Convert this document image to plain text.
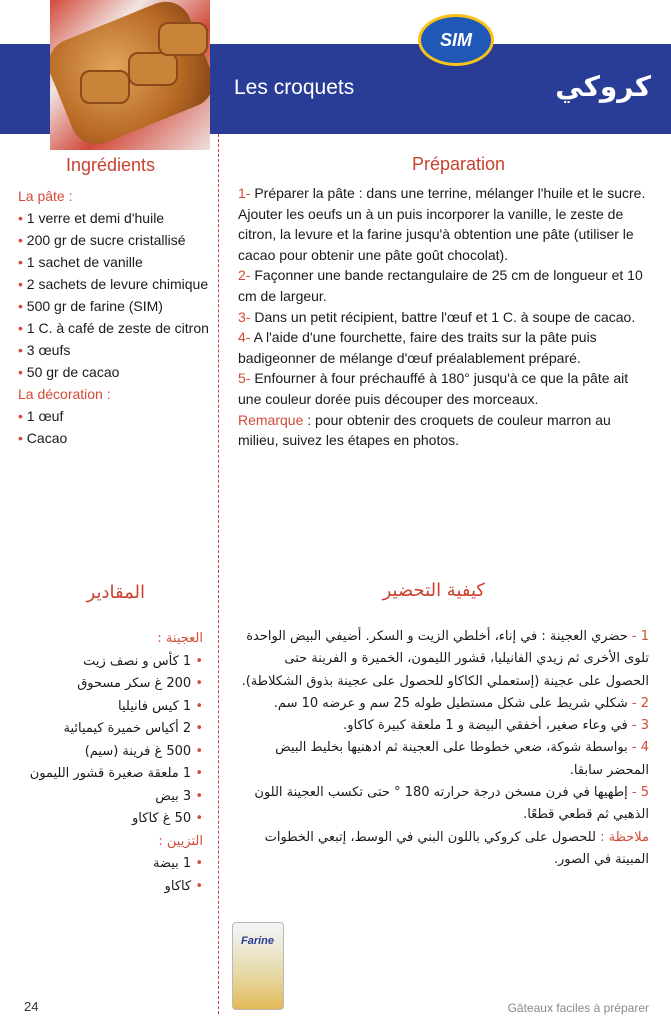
SIM
Les croquets	كروكي
Ingrédients	Préparation
La pâte :
• 1 verre et demi d'huile
• 200 gr de sucre cristallisé
• 1 sachet de vanille
• 2 sachets de levure chimique
• 500 gr de farine (SIM)
• 1 C. à café de zeste de citron
• 3 œufs
• 50 gr de cacao
La décoration :
• 1 œuf
• Cacao
1- Préparer la pâte : dans une terrine, mélanger l'huile et le sucre. Ajouter les oeufs un à un puis incorporer la vanille, le zeste de citron, la levure et la farine jusqu'à obtention une pâte (utiliser le cacao pour obtenir une pâte goût chocolat).
2- Façonner une bande rectangulaire de 25 cm de longueur et 10 cm de largeur.
3- Dans un petit récipient, battre l'œuf et 1 C. à soupe de cacao.
4- A l'aide d'une fourchette, faire des traits sur la pâte puis badigeonner de mélange d'œuf préalablement préparé.
5- Enfourner à four préchauffé à 180° jusqu'à ce que la pâte ait une couleur dorée puis découper des morceaux.
Remarque : pour obtenir des croquets de couleur marron au milieu, suivez les étapes en photos.
المقادير	كيفية التحضير
العجينة :
• 1 كأس و نصف زيت
• 200 غ سكر مسحوق
• 1 كيس فانيليا
• 2 أكياس خميرة كيميائية
• 500 غ فرينة (سيم)
• 1 ملعقة صغيرة قشور الليمون
• 3 بيض
• 50 غ كاكاو
التزيين :
• 1 بيضة
• كاكاو
1 - حضري العجينة : في إناء، أخلطي الزيت و السكر. أضيفي البيض الواحدة تلوى الأخرى ثم زيدي الفانيليا، قشور الليمون، الخميرة و الفرينة حتى الحصول على عجينة (إستعملي الكاكاو للحصول على عجينة بذوق الشكلاطة).
2 - شكلي شريط على شكل مستطيل طوله 25 سم و عرضه 10 سم.
3 - في وعاء صغير، أخفقي البيضة و 1 ملعقة كبيرة كاكاو.
4 - بواسطة شوكة، ضعي خطوطا على العجينة ثم ادهنيها بخليط البيض المحضر سابقا.
5 - إطهيها في فرن مسخن درجة حرارته 180 ° حتى تكسب العجينة اللون الذهبي ثم قطعي قطعًا.
ملاحظة : للحصول على كروكي باللون البني في الوسط، إتبعي الخطوات المبينة في الصور.
Farine
24	Gâteaux faciles à préparer
